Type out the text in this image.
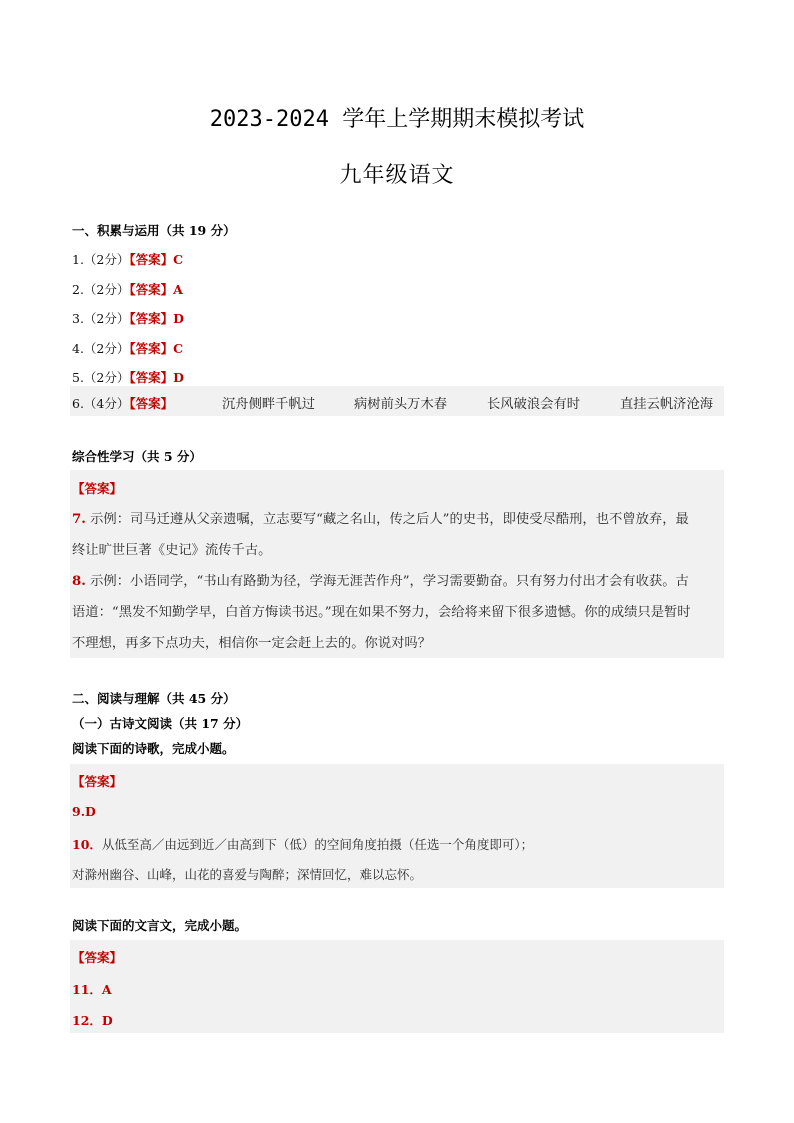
2023-2024 学年上学期期末模拟考试
九年级语文
一、积累与运用（共 19 分）
1.（2分）【答案】C
2.（2分）【答案】A
3.（2分）【答案】D
4.（2分）【答案】C
5.（2分）【答案】D
6.（4分）【答案】	沉舟侧畔千帆过	病树前头万木春	长风破浪会有时	直挂云帆济沧海
综合性学习（共 5 分）
【答案】
7. 示例：司马迁遵从父亲遗嘱，立志要写“藏之名山，传之后人”的史书，即使受尽酷刑，也不曾放弃，最
终让旷世巨著《史记》流传千古。
8. 示例：小语同学，“书山有路勤为径，学海无涯苦作舟”，学习需要勤奋。只有努力付出才会有收获。古
语道：“黑发不知勤学早，白首方悔读书迟。”现在如果不努力，会给将来留下很多遗憾。你的成绩只是暂时
不理想，再多下点功夫，相信你一定会赶上去的。你说对吗？
二、阅读与理解（共 45 分）
（一）古诗文阅读（共 17 分）
阅读下面的诗歌，完成小题。
【答案】
9.D
10．从低至高／由远到近／由高到下（低）的空间角度拍摄（任选一个角度即可）；
对滁州幽谷、山峰，山花的喜爱与陶醉；深情回忆，难以忘怀。
阅读下面的文言文，完成小题。
【答案】
11．A
12．D
